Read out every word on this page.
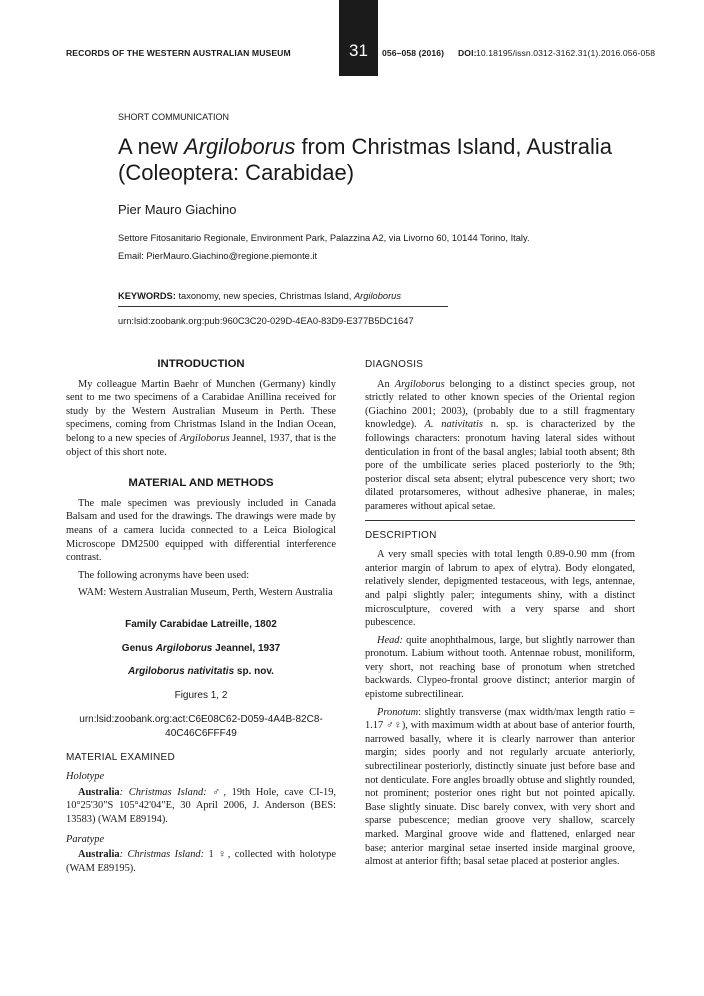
31
RECORDS OF THE WESTERN AUSTRALIAN MUSEUM	056–058 (2016) DOI: 10.18195/issn.0312-3162.31(1).2016.056-058
SHORT COMMUNICATION
A new Argiloborus from Christmas Island, Australia (Coleoptera: Carabidae)
Pier Mauro Giachino
Settore Fitosanitario Regionale, Environment Park, Palazzina A2, via Livorno 60, 10144 Torino, Italy.
Email: PierMauro.Giachino@regione.piemonte.it
KEYWORDS: taxonomy, new species, Christmas Island, Argiloborus
urn:lsid:zoobank.org:pub:960C3C20-029D-4EA0-83D9-E377B5DC1647
INTRODUCTION

My colleague Martin Baehr of Munchen (Germany) kindly sent to me two specimens of a Carabidae Anillina received for study by the Western Australian Museum in Perth. These specimens, coming from Christmas Island in the Indian Ocean, belong to a new species of Argiloborus Jeannel, 1937, that is the object of this short note.

MATERIAL AND METHODS

The male specimen was previously included in Canada Balsam and used for the drawings. The drawings were made by means of a camera lucida connected to a Leica Biological Microscope DM2500 equipped with differential interference contrast.

The following acronyms have been used:

WAM: Western Australian Museum, Perth, Western Australia

Family Carabidae Latreille, 1802
Genus Argiloborus Jeannel, 1937
Argiloborus nativitatis sp. nov.
Figures 1, 2
urn:lsid:zoobank.org:act:C6E08C62-D059-4A4B-82C8-40C46C6FFF49
MATERIAL EXAMINED
Holotype

Australia: Christmas Island: ♂, 19th Hole, cave CI-19, 10°25'30"S 105°42'04"E, 30 April 2006, J. Anderson (BES: 13583) (WAM E89194).

Paratype

Australia: Christmas Island: 1 ♀, collected with holotype (WAM E89195).

DIAGNOSIS

An Argiloborus belonging to a distinct species group, not strictly related to other known species of the Oriental region (Giachino 2001; 2003), (probably due to a still fragmentary knowledge). A. nativitatis n. sp. is characterized by the followings characters: pronotum having lateral sides without denticulation in front of the basal angles; labial tooth absent; 8th pore of the umbilicate series placed posteriorly to the 9th; posterior discal seta absent; elytral pubescence very short; two dilated protarsomeres, without adhesive phanerae, in males; parameres without apical setae.

DESCRIPTION

A very small species with total length 0.89-0.90 mm (from anterior margin of labrum to apex of elytra). Body elongated, relatively slender, depigmented testaceous, with legs, antennae, and palpi slightly paler; integuments shiny, with a distinct microsculpture, covered with a very sparse and short pubescence.

Head: quite anophthalmous, large, but slightly narrower than pronotum. Labium without tooth. Antennae robust, moniliform, very short, not reaching base of pronotum when stretched backwards. Clypeo-frontal groove distinct; anterior margin of epistome subrectilinear.

Pronotum: slightly transverse (max width/max length ratio = 1.17 ♂♀), with maximum width at about base of anterior fourth, narrowed basally, where it is clearly narrower than anterior margin; sides poorly and not regularly arcuate anteriorly, subrectilinear posteriorly, distinctly sinuate just before base and not denticulate. Fore angles broadly obtuse and slightly rounded, not prominent; posterior ones right but not pointed apically. Base slightly sinuate. Disc barely convex, with very short and sparse pubescence; median groove very shallow, scarcely marked. Marginal groove wide and flattened, enlarged near base; anterior marginal setae inserted inside marginal groove, almost at anterior fifth; basal setae placed at posterior angles.
